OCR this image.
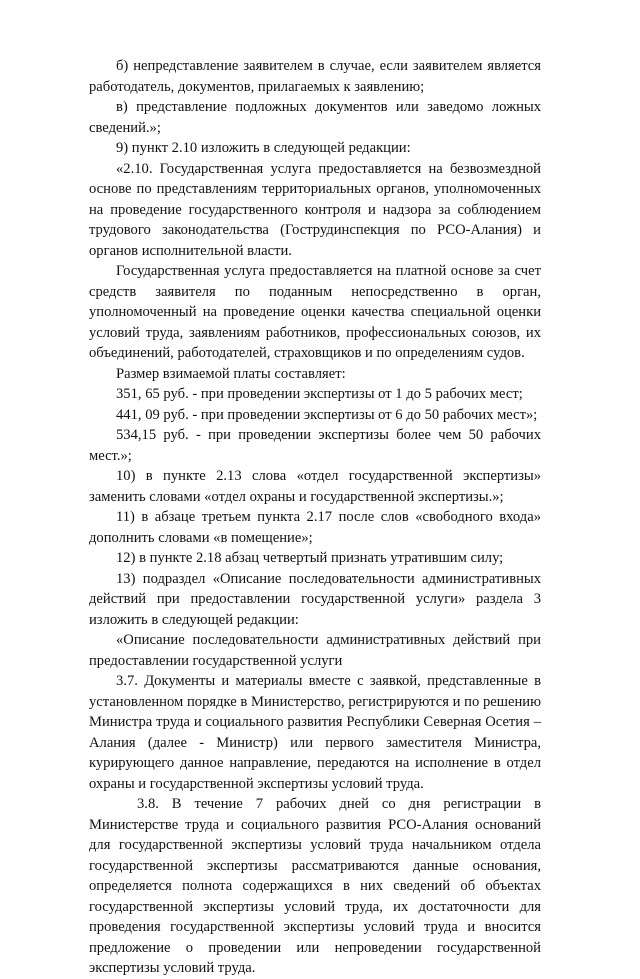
б) непредставление заявителем в случае, если заявителем является работодатель, документов, прилагаемых к заявлению;

в) представление подложных документов или заведомо ложных сведений.»;

9) пункт 2.10 изложить в следующей редакции:

«2.10. Государственная услуга предоставляется на безвозмездной основе по представлениям территориальных органов, уполномоченных на проведение государственного контроля и надзора за соблюдением трудового законодательства (Гострудинспекция по РСО-Алания) и органов исполнительной власти.

Государственная услуга предоставляется на платной основе за счет средств заявителя по поданным непосредственно в орган, уполномоченный на проведение оценки качества специальной оценки условий труда, заявлениям работников, профессиональных союзов, их объединений, работодателей, страховщиков и по определениям судов.

Размер взимаемой платы составляет:

351, 65 руб. - при проведении экспертизы от 1 до 5 рабочих мест;

441, 09 руб. - при проведении экспертизы от 6 до 50 рабочих мест»;

534,15 руб. - при проведении экспертизы более чем 50 рабочих мест.»;

10) в пункте 2.13 слова «отдел государственной экспертизы» заменить словами «отдел охраны и государственной экспертизы.»;

11) в абзаце третьем пункта 2.17 после слов «свободного входа» дополнить словами «в помещение»;

12) в пункте 2.18 абзац четвертый признать утратившим силу;

13) подраздел «Описание последовательности административных действий при предоставлении государственной услуги» раздела 3 изложить в следующей редакции:

«Описание последовательности административных действий при предоставлении государственной услуги

3.7. Документы и материалы вместе с заявкой, представленные в установленном порядке в Министерство, регистрируются и по решению Министра труда и социального развития Республики Северная Осетия – Алания (далее - Министр) или первого заместителя Министра, курирующего данное направление, передаются на исполнение в отдел охраны и государственной экспертизы условий труда.

3.8. В течение 7 рабочих дней со дня регистрации в Министерстве труда и социального развития РСО-Алания оснований для государственной экспертизы условий труда начальником отдела государственной экспертизы рассматриваются данные основания, определяется полнота содержащихся в них сведений об объектах государственной экспертизы условий труда, их достаточности для проведения государственной экспертизы условий труда и вносится предложение о проведении или непроведении государственной экспертизы условий труда.
